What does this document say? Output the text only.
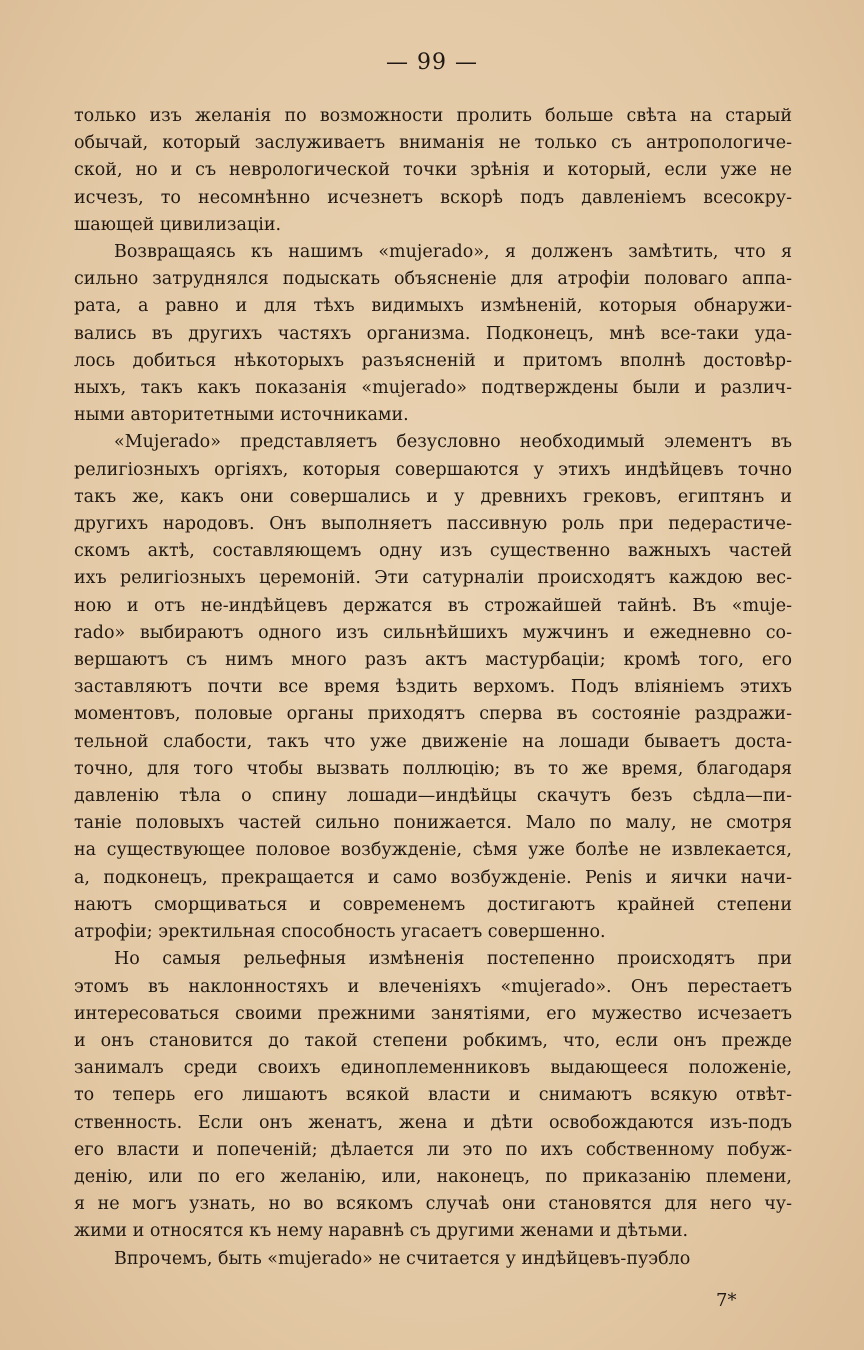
— 99 —
только изъ желанія по возможности пролить больше свѣта на старый
обычай, который заслуживаетъ вниманія не только съ антропологиче-
ской, но и съ неврологической точки зрѣнія и который, если уже не
исчезъ, то несомнѣнно исчезнетъ вскорѣ подъ давленіемъ всесокру-
шающей цивилизаціи.
Возвращаясь къ нашимъ «mujerado», я долженъ замѣтить, что я
сильно затруднялся подыскать объясненіе для атрофіи половаго аппа-
рата, а равно и для тѣхъ видимыхъ измѣненій, которыя обнаружи-
вались въ другихъ частяхъ организма. Подконецъ, мнѣ все-таки уда-
лось добиться нѣкоторыхъ разъясненій и притомъ вполнѣ достовѣр-
ныхъ, такъ какъ показанія «mujerado» подтверждены были и различ-
ными авторитетными источниками.
«Mujerado» представляетъ безусловно необходимый элементъ въ
религіозныхъ оргіяхъ, которыя совершаются у этихъ индѣйцевъ точно
такъ же, какъ они совершались и у древнихъ грековъ, египтянъ и
другихъ народовъ. Онъ выполняетъ пассивную роль при педерастиче-
скомъ актѣ, составляющемъ одну изъ существенно важныхъ частей
ихъ религіозныхъ церемоній. Эти сатурналіи происходятъ каждою вес-
ною и отъ не-индѣйцевъ держатся въ строжайшей тайнѣ. Въ «muje-
rado» выбираютъ одного изъ сильнѣйшихъ мужчинъ и ежедневно со-
вершаютъ съ нимъ много разъ актъ мастурбаціи; кромѣ того, его
заставляютъ почти все время ѣздить верхомъ. Подъ вліяніемъ этихъ
моментовъ, половые органы приходятъ сперва въ состояніе раздражи-
тельной слабости, такъ что уже движеніе на лошади бываетъ доста-
точно, для того чтобы вызвать поллюцію; въ то же время, благодаря
давленію тѣла о спину лошади—индѣйцы скачутъ безъ сѣдла—пи-
таніе половыхъ частей сильно понижается. Мало по малу, не смотря
на существующее половое возбужденіе, сѣмя уже болѣе не извлекается,
а, подконецъ, прекращается и само возбужденіе. Penis и яички начи-
наютъ сморщиваться и современемъ достигаютъ крайней степени
атрофіи; эректильная способность угасаетъ совершенно.
Но самыя рельефныя измѣненія постепенно происходятъ при
этомъ въ наклонностяхъ и влеченіяхъ «mujerado». Онъ перестаетъ
интересоваться своими прежними занятіями, его мужество исчезаетъ
и онъ становится до такой степени робкимъ, что, если онъ прежде
занималъ среди своихъ единоплеменниковъ выдающееся положеніе,
то теперь его лишаютъ всякой власти и снимаютъ всякую отвѣт-
ственность. Если онъ женатъ, жена и дѣти освобождаются изъ-подъ
его власти и попеченій; дѣлается ли это по ихъ собственному побуж-
денію, или по его желанію, или, наконецъ, по приказанію племени,
я не могъ узнать, но во всякомъ случаѣ они становятся для него чу-
жими и относятся къ нему наравнѣ съ другими женами и дѣтьми.
Впрочемъ, быть «mujerado» не считается у индѣйцевъ-пуэбло
7*
